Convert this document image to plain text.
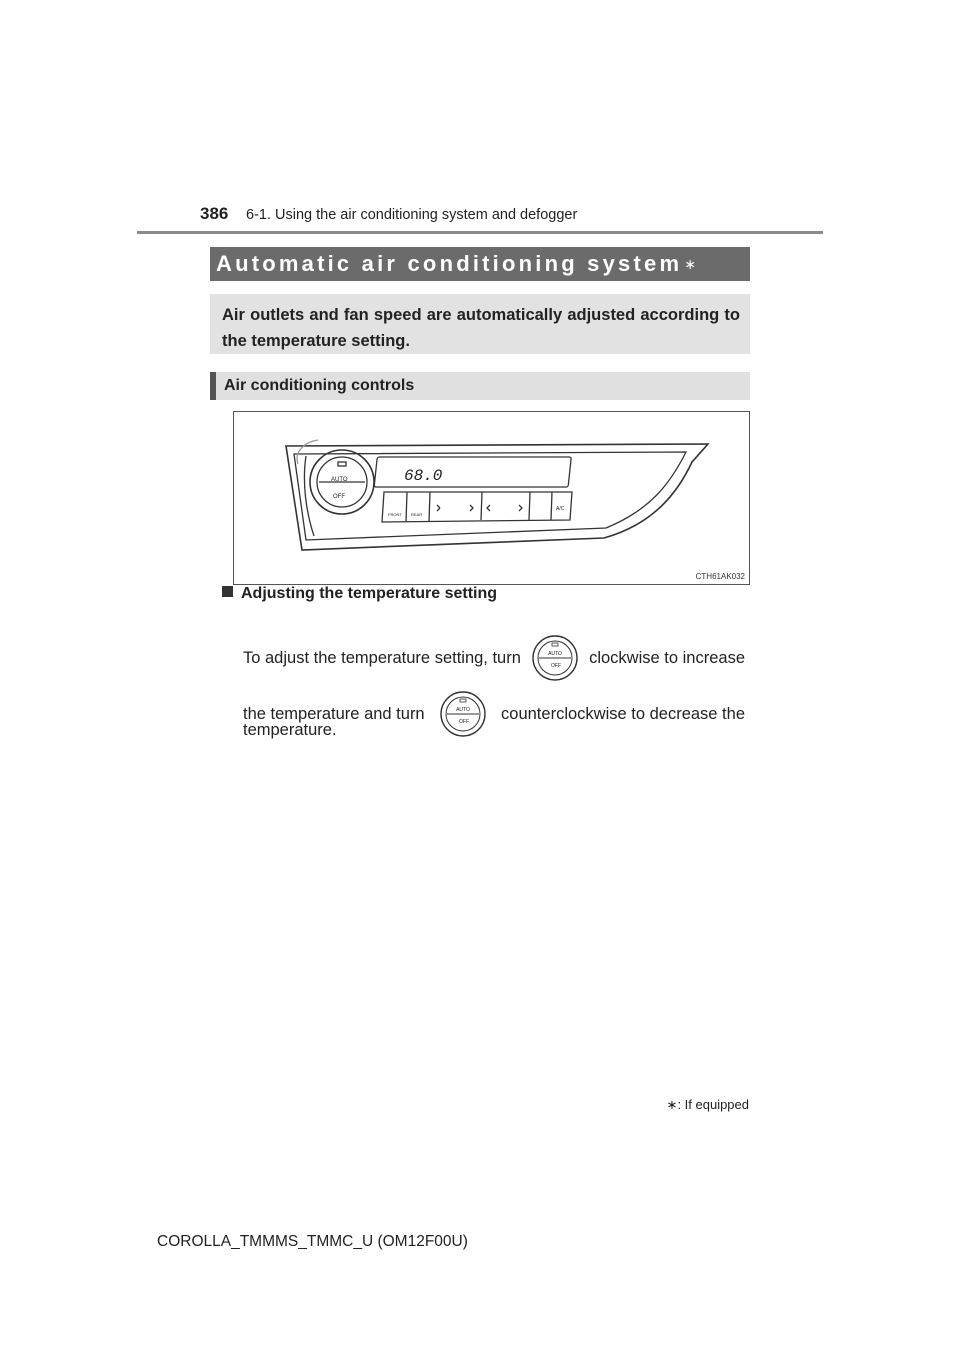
386 6-1. Using the air conditioning system and defogger
Automatic air conditioning system ∗
Air outlets and fan speed are automatically adjusted according to the temperature setting.
Air conditioning controls
68.0
AUTO
OFF
FRONT REAR
A/C
CTH61AK032
Adjusting the temperature setting
To adjust the temperature setting, turn	AUTO
OFF clockwise to increase
the temperature and turn	AUTO
OFF counterclockwise to decrease the
temperature.
∗: If equipped
COROLLA_TMMMS_TMMC_U (OM12F00U)
